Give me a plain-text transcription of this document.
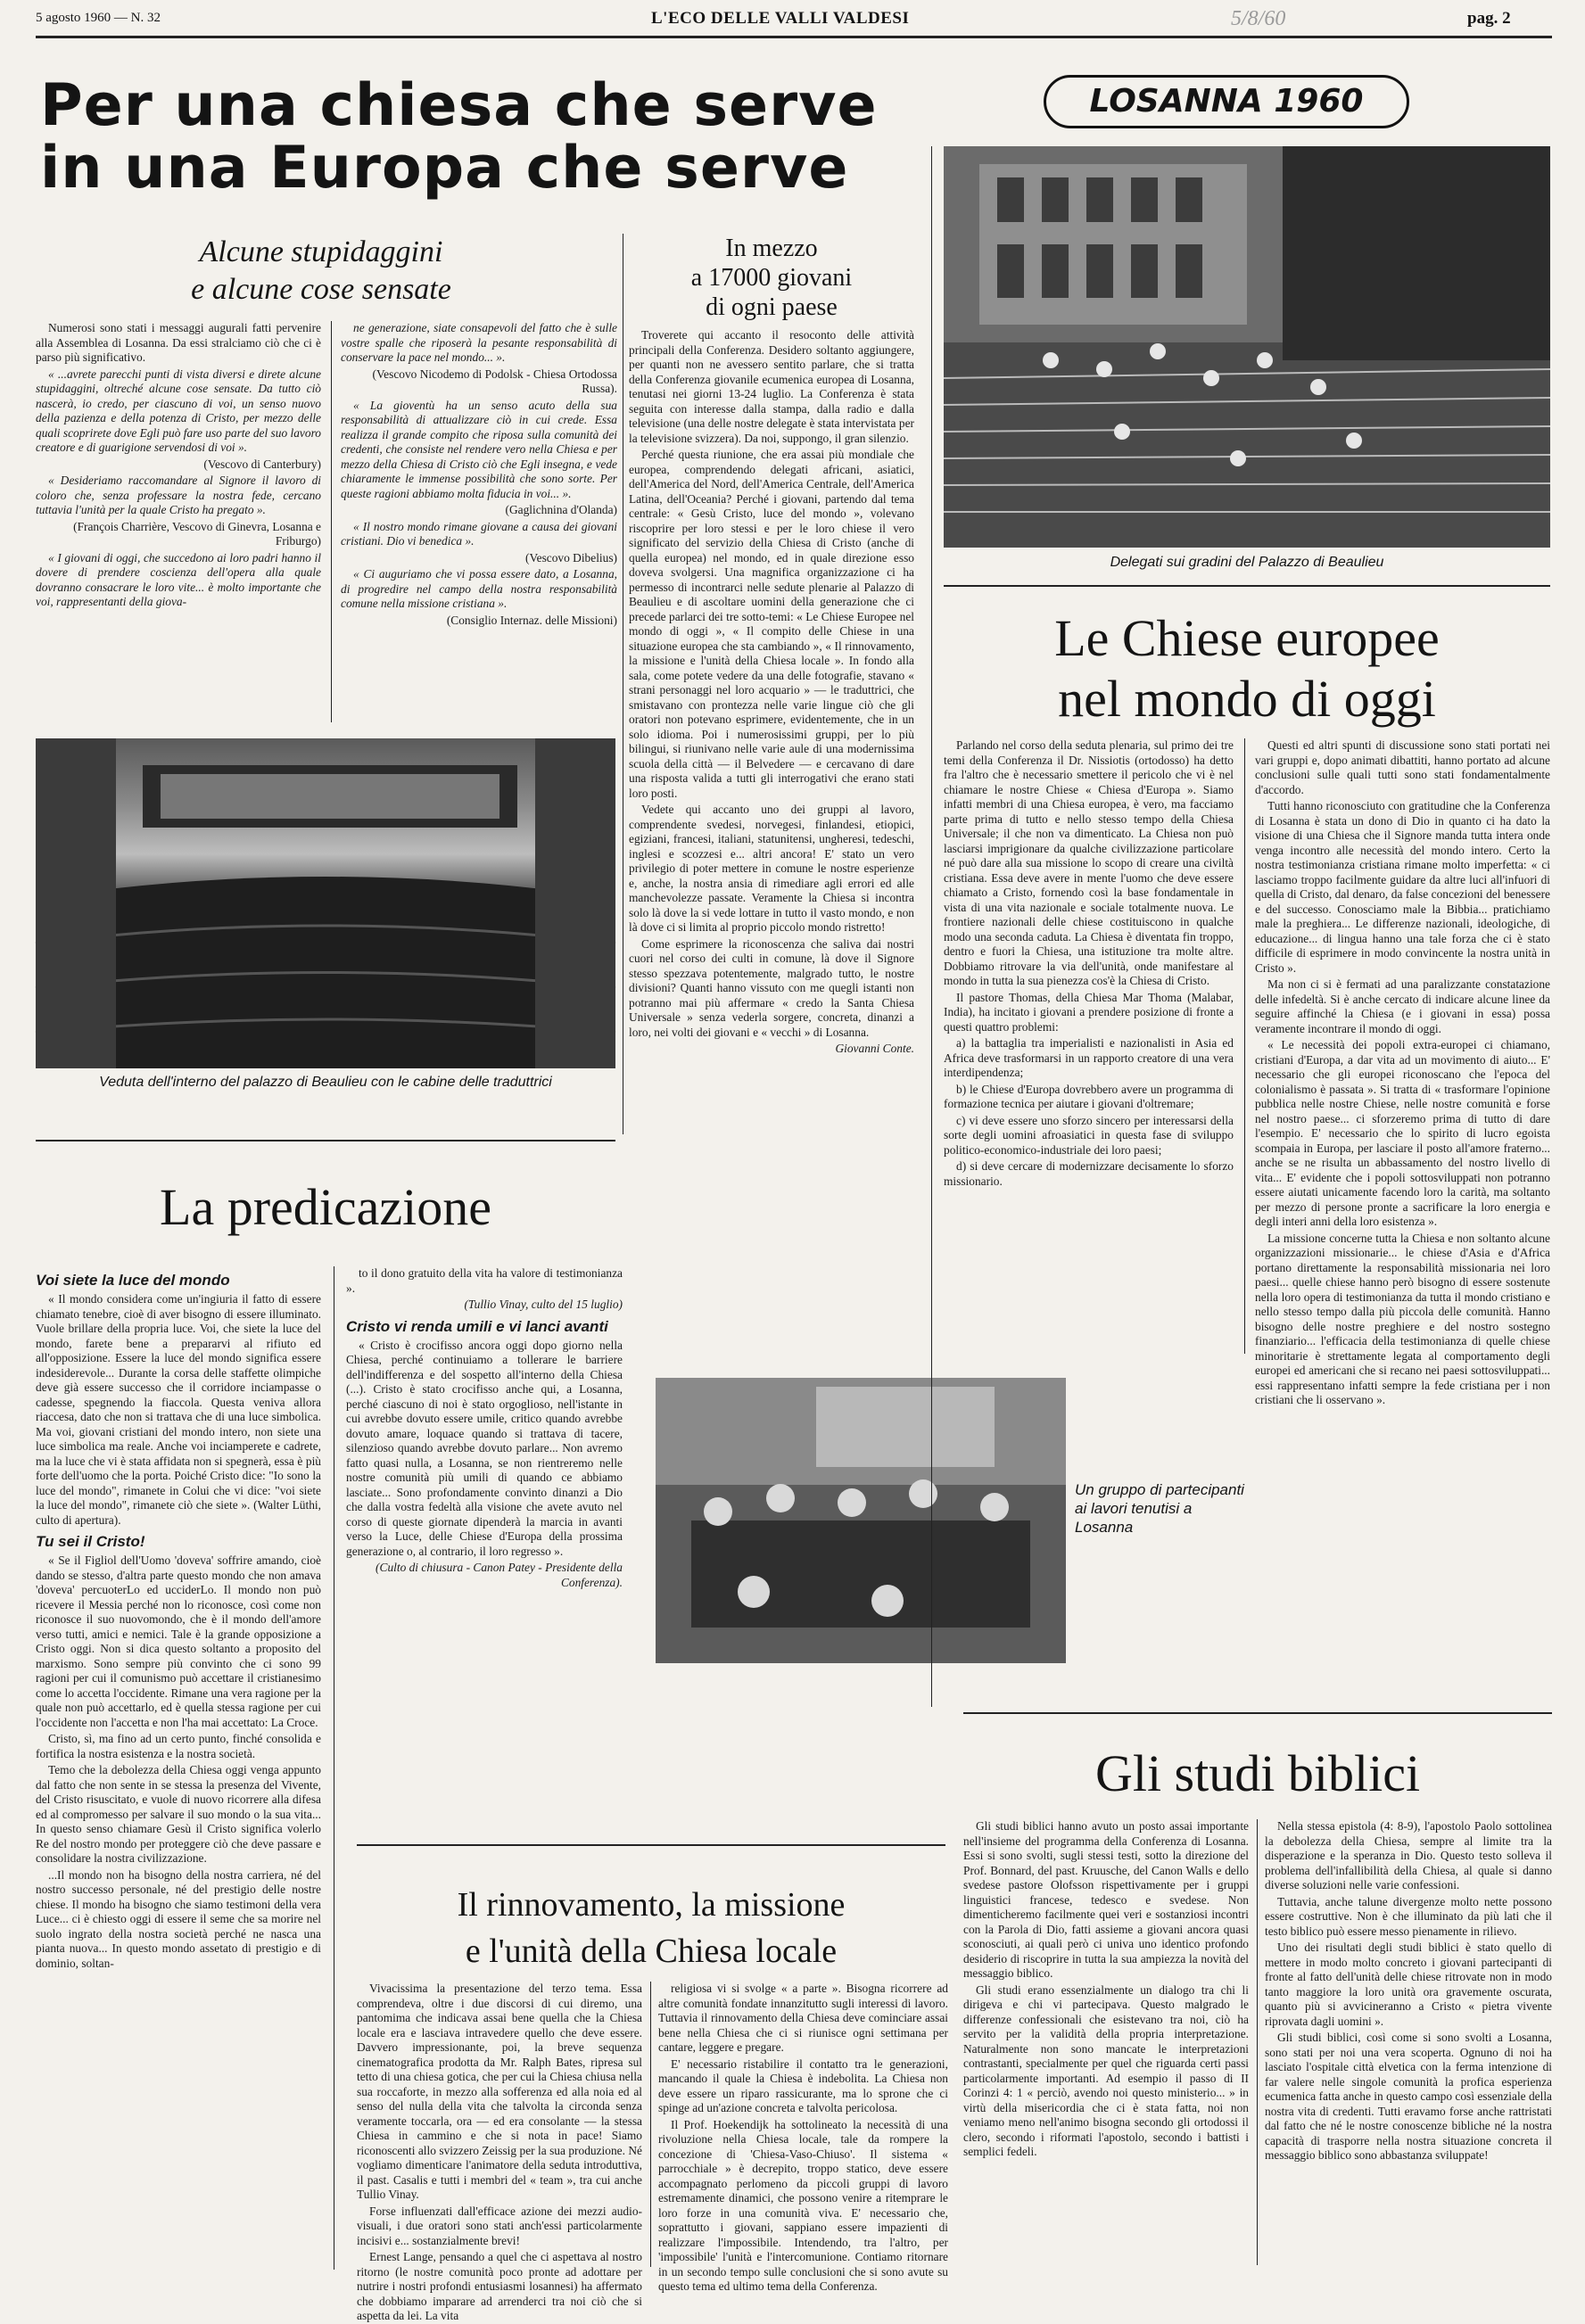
5 agosto 1960 — N. 32	L'ECO DELLE VALLI VALDESI	5/8/60	pag. 2
Per una chiesa che serve
in una Europa che serve
LOSANNA 1960
Alcune stupidaggini
e alcune cose sensate

Numerosi sono stati i messaggi augurali fatti pervenire alla Assemblea di Losanna. Da essi stralciamo ciò che ci è parso più significativo.

« ...avrete parecchi punti di vista diversi e direte alcune stupidaggini, oltreché alcune cose sensate. Da tutto ciò nascerà, io credo, per ciascuno di voi, un senso nuovo della pazienza e della potenza di Cristo, per mezzo delle quali scoprirete dove Egli può fare uso parte del suo lavoro creatore e di guarigione servendosi di voi ».

(Vescovo di Canterbury)

« Desideriamo raccomandare al Signore il lavoro di coloro che, senza professare la nostra fede, cercano tuttavia l'unità per la quale Cristo ha pregato ».

(François Charrière, Vescovo di Ginevra, Losanna e Friburgo)

« I giovani di oggi, che succedono ai loro padri hanno il dovere di prendere coscienza dell'opera alla quale dovranno consacrare le loro vite... è molto importante che voi, rappresentanti della giova-

ne generazione, siate consapevoli del fatto che è sulle vostre spalle che riposerà la pesante responsabilità di conservare la pace nel mondo... ».

(Vescovo Nicodemo di Podolsk - Chiesa Ortodossa Russa).

« La gioventù ha un senso acuto della sua responsabilità di attualizzare ciò in cui crede. Essa realizza il grande compito che riposa sulla comunità dei credenti, che consiste nel rendere vero nella Chiesa e per mezzo della Chiesa di Cristo ciò che Egli insegna, e vede chiaramente le immense possibilità che sono sorte. Per queste ragioni abbiamo molta fiducia in voi... ».

(Gaglichnina d'Olanda)

« Il nostro mondo rimane giovane a causa dei giovani cristiani. Dio vi benedica ».

(Vescovo Dibelius)

« Ci auguriamo che vi possa essere dato, a Losanna, di progredire nel campo della nostra responsabilità comune nella missione cristiana ».

(Consiglio Internaz. delle Missioni)

Veduta dell'interno del palazzo di Beaulieu con le cabine delle traduttrici
In mezzo
a 17000 giovani
di ogni paese

Troverete qui accanto il resoconto delle attività principali della Conferenza. Desidero soltanto aggiungere, per quanti non ne avessero sentito parlare, che si tratta della Conferenza giovanile ecumenica europea di Losanna, tenutasi nei giorni 13-24 luglio. La Conferenza è stata seguita con interesse dalla stampa, dalla radio e dalla televisione (una delle nostre delegate è stata intervistata per la televisione svizzera). Da noi, suppongo, il gran silenzio.

Perché questa riunione, che era assai più mondiale che europea, comprendendo delegati africani, asiatici, dell'America del Nord, dell'America Centrale, dell'America Latina, dell'Oceania? Perché i giovani, partendo dal tema centrale: « Gesù Cristo, luce del mondo », volevano riscoprire per loro stessi e per le loro chiese il vero significato del servizio della Chiesa di Cristo (anche di quella europea) nel mondo, ed in quale direzione esso doveva svolgersi. Una magnifica organizzazione ci ha permesso di incontrarci nelle sedute plenarie al Palazzo di Beaulieu e di ascoltare uomini della generazione che ci precede parlarci dei tre sotto-temi: « Le Chiese Europee nel mondo di oggi », « Il compito delle Chiese in una situazione europea che sta cambiando », « Il rinnovamento, la missione e l'unità della Chiesa locale ». In fondo alla sala, come potete vedere da una delle fotografie, stavano « strani personaggi nel loro acquario » — le traduttrici, che smistavano con prontezza nelle varie lingue ciò che gli oratori non potevano esprimere, evidentemente, che in un solo idioma. Poi i numerosissimi gruppi, per lo più bilingui, si riunivano nelle varie aule di una modernissima scuola della città — il Belvedere — e cercavano di dare una risposta valida a tutti gli interrogativi che erano stati loro posti.

Vedete qui accanto uno dei gruppi al lavoro, comprendente svedesi, norvegesi, finlandesi, etiopici, egiziani, francesi, italiani, statunitensi, ungheresi, tedeschi, inglesi e scozzesi e... altri ancora! E' stato un vero privilegio di poter mettere in comune le nostre esperienze e, anche, la nostra ansia di rimediare agli errori ed alle manchevolezze passate. Veramente la Chiesa si incontra solo là dove la si vede lottare in tutto il vasto mondo, e non là dove ci si limita al proprio piccolo mondo ristretto!

Come esprimere la riconoscenza che saliva dai nostri cuori nel corso dei culti in comune, là dove il Signore stesso spezzava potentemente, malgrado tutto, le nostre divisioni? Quanti hanno vissuto con me quegli istanti non potranno mai più affermare « credo la Santa Chiesa Universale » senza vederla sorgere, concreta, dinanzi a loro, nei volti dei giovani e « vecchi » di Losanna.

Giovanni Conte.

Delegati sui gradini del Palazzo di Beaulieu
Le Chiese europee
nel mondo di oggi

Parlando nel corso della seduta plenaria, sul primo dei tre temi della Conferenza il Dr. Nissiotis (ortodosso) ha detto fra l'altro che è necessario smettere il pericolo che vi è nel chiamare le nostre Chiese « Chiesa d'Europa ». Siamo infatti membri di una Chiesa europea, è vero, ma facciamo parte prima di tutto e nello stesso tempo della Chiesa Universale; il che non va dimenticato. La Chiesa non può lasciarsi imprigionare da qualche civilizzazione particolare né può dare alla sua missione lo scopo di creare una civiltà cristiana. Essa deve avere in mente l'uomo che deve essere chiamato a Cristo, fornendo così la base fondamentale in vista di una vita nazionale e sociale totalmente nuova. Le frontiere nazionali delle chiese costituiscono in qualche modo una seconda caduta. La Chiesa è diventata fin troppo, dentro e fuori la Chiesa, una istituzione tra molte altre. Dobbiamo ritrovare la via dell'unità, onde manifestare al mondo in tutta la sua pienezza cos'è la Chiesa di Cristo.

Il pastore Thomas, della Chiesa Mar Thoma (Malabar, India), ha incitato i giovani a prendere posizione di fronte a questi quattro problemi:

a) la battaglia tra imperialisti e nazionalisti in Asia ed Africa deve trasformarsi in un rapporto creatore di una vera interdipendenza;

b) le Chiese d'Europa dovrebbero avere un programma di formazione tecnica per aiutare i giovani d'oltremare;

c) vi deve essere uno sforzo sincero per interessarsi della sorte degli uomini afroasiatici in questa fase di sviluppo politico-economico-industriale dei loro paesi;

d) si deve cercare di modernizzare decisamente lo sforzo missionario.

Questi ed altri spunti di discussione sono stati portati nei vari gruppi e, dopo animati dibattiti, hanno portato ad alcune conclusioni sulle quali tutti sono stati fondamentalmente d'accordo.

Tutti hanno riconosciuto con gratitudine che la Conferenza di Losanna è stata un dono di Dio in quanto ci ha dato la visione di una Chiesa che il Signore manda tutta intera onde venga incontro alle necessità del mondo intero. Certo la nostra testimonianza cristiana rimane molto imperfetta: « ci lasciamo troppo facilmente guidare da altre luci all'infuori di quella di Cristo, dal denaro, da false concezioni del benessere e del successo. Conosciamo male la Bibbia... pratichiamo male la preghiera... Le differenze nazionali, ideologiche, di educazione... di lingua hanno una tale forza che ci è stato difficile di esprimere in modo convincente la nostra unità in Cristo ».

Ma non ci si è fermati ad una paralizzante constatazione delle infedeltà. Si è anche cercato di indicare alcune linee da seguire affinché la Chiesa (e i giovani in essa) possa veramente incontrare il mondo di oggi.

« Le necessità dei popoli extra-europei ci chiamano, cristiani d'Europa, a dar vita ad un movimento di aiuto... E' necessario che gli europei riconoscano che l'epoca del colonialismo è passata ». Si tratta di « trasformare l'opinione pubblica nelle nostre Chiese, nelle nostre comunità e forse nel nostro paese... ci sforzeremo prima di tutto di dare l'esempio. E' necessario che lo spirito di lucro egoista scompaia in Europa, per lasciare il posto all'amore fraterno... anche se ne risulta un abbassamento del nostro livello di vita... E' evidente che i popoli sottosviluppati non potranno essere aiutati unicamente facendo loro la carità, ma soltanto per mezzo di persone pronte a sacrificare la loro energia e degli interi anni della loro esistenza ».

La missione concerne tutta la Chiesa e non soltanto alcune organizzazioni missionarie... le chiese d'Asia e d'Africa portano direttamente la responsabilità missionaria nei loro paesi... quelle chiese hanno però bisogno di essere sostenute nella loro opera di testimonianza da tutta il mondo cristiano e nello stesso tempo dalla più piccola delle comunità. Hanno bisogno delle nostre preghiere e del nostro sostegno finanziario... l'efficacia della testimonianza di quelle chiese minoritarie è strettamente legata al comportamento degli europei ed americani che si recano nei paesi sottosviluppati... essi rappresentano infatti sempre la fede cristiana per i non cristiani che li osservano ».

Un gruppo di partecipanti ai lavori tenutisi a Losanna
La predicazione
Voi siete la luce del mondo

« Il mondo considera come un'ingiuria il fatto di essere chiamato tenebre, cioè di aver bisogno di essere illuminato. Vuole brillare della propria luce. Voi, che siete la luce del mondo, farete bene a prepararvi al rifiuto ed all'opposizione. Essere la luce del mondo significa essere indesiderevole... Durante la corsa delle staffette olimpiche deve già essere successo che il corridore inciampasse o cadesse, spegnendo la fiaccola. Questa veniva allora riaccesa, dato che non si trattava che di una luce simbolica. Ma voi, giovani cristiani del mondo intero, non siete una luce simbolica ma reale. Anche voi inciamperete e cadrete, ma la luce che vi è stata affidata non si spegnerà, essa è più forte dell'uomo che la porta. Poiché Cristo dice: "Io sono la luce del mondo", rimanete in Colui che vi dice: "voi siete la luce del mondo", rimanete ciò che siete ». (Walter Lüthi, culto di apertura).

Tu sei il Cristo!

« Se il Figliol dell'Uomo 'doveva' soffrire amando, cioè dando se stesso, d'altra parte questo mondo che non amava 'doveva' percuoterLo ed ucciderLo. Il mondo non può ricevere il Messia perché non lo riconosce, così come non riconosce il suo nuovomondo, che è il mondo dell'amore verso tutti, amici e nemici. Tale è la grande opposizione a Cristo oggi. Non si dica questo soltanto a proposito del marxismo. Sono sempre più convinto che ci sono 99 ragioni per cui il comunismo può accettare il cristianesimo come lo accetta l'occidente. Rimane una vera ragione per la quale non può accettarlo, ed è quella stessa ragione per cui l'occidente non l'accetta e non l'ha mai accettato: La Croce.

Cristo, sì, ma fino ad un certo punto, finché consolida e fortifica la nostra esistenza e la nostra società.

Temo che la debolezza della Chiesa oggi venga appunto dal fatto che non sente in se stessa la presenza del Vivente, del Cristo risuscitato, e vuole di nuovo ricorrere alla difesa ed al compromesso per salvare il suo mondo o la sua vita... In questo senso chiamare Gesù il Cristo significa volerlo Re del nostro mondo per proteggere ciò che deve passare e consolidare la nostra civilizzazione.

...Il mondo non ha bisogno della nostra carriera, né del nostro successo personale, né del prestigio delle nostre chiese. Il mondo ha bisogno che siamo testimoni della vera Luce... ci è chiesto oggi di essere il seme che sa morire nel suolo ingrato della nostra società perché ne nasca una pianta nuova... In questo mondo assetato di prestigio e di dominio, soltan-

to il dono gratuito della vita ha valore di testimonianza ».

(Tullio Vinay, culto del 15 luglio)

Cristo vi renda umili e vi lanci avanti

« Cristo è crocifisso ancora oggi dopo giorno nella Chiesa, perché continuiamo a tollerare le barriere dell'indifferenza e del sospetto all'interno della Chiesa (...). Cristo è stato crocifisso anche qui, a Losanna, perché ciascuno di noi è stato orgoglioso, nell'istante in cui avrebbe dovuto essere umile, critico quando avrebbe dovuto amare, loquace quando si trattava di tacere, silenzioso quando avrebbe dovuto parlare... Non avremo fatto quasi nulla, a Losanna, se non rientreremo nelle nostre comunità più umili di quando ce abbiamo lasciate... Sono profondamente convinto dinanzi a Dio che dalla vostra fedeltà alla visione che avete avuto nel corso di queste giornate dipenderà la marcia in avanti verso la Luce, delle Chiese d'Europa della prossima generazione o, al contrario, il loro regresso ».

(Culto di chiusura - Canon Patey - Presidente della Conferenza).

Il rinnovamento, la missione
e l'unità della Chiesa locale

Vivacissima la presentazione del terzo tema. Essa comprendeva, oltre i due discorsi di cui diremo, una pantomima che indicava assai bene quella che la Chiesa locale era e lasciava intravedere quello che deve essere. Davvero impressionante, poi, la breve sequenza cinematografica prodotta da Mr. Ralph Bates, ripresa sul tetto di una chiesa gotica, che per cui la Chiesa chiusa nella sua roccaforte, in mezzo alla sofferenza ed alla noia ed al senso del nulla della vita che talvolta la circonda senza veramente toccarla, ora — ed era consolante — la stessa Chiesa in cammino e che si nota in pace! Siamo riconoscenti allo svizzero Zeissig per la sua produzione. Né vogliamo dimenticare l'animatore della seduta introduttiva, il past. Casalis e tutti i membri del « team », tra cui anche Tullio Vinay.

Forse influenzati dall'efficace azione dei mezzi audio-visuali, i due oratori sono stati anch'essi particolarmente incisivi e... sostanzialmente brevi!

Ernest Lange, pensando a quel che ci aspettava al nostro ritorno (le nostre comunità poco pronte ad adottare per nutrire i nostri profondi entusiasmi losannesi) ha affermato che dobbiamo imparare ad arrenderci tra noi ciò che si aspetta da lei. La vita

religiosa vi si svolge « a parte ». Bisogna ricorrere ad altre comunità fondate innanzitutto sugli interessi di lavoro. Tuttavia il rinnovamento della Chiesa deve cominciare assai bene nella Chiesa che ci si riunisce ogni settimana per cantare, leggere e pregare.

E' necessario ristabilire il contatto tra le generazioni, mancando il quale la Chiesa è indebolita. La Chiesa non deve essere un riparo rassicurante, ma lo sprone che ci spinge ad un'azione concreta e talvolta pericolosa.

Il Prof. Hoekendijk ha sottolineato la necessità di una rivoluzione nella Chiesa locale, tale da rompere la concezione di 'Chiesa-Vaso-Chiuso'. Il sistema « parrocchiale » è decrepito, troppo statico, deve essere accompagnato perlomeno da piccoli gruppi di lavoro estremamente dinamici, che possono venire a ritemprare le loro forze in una comunità viva. E' necessario che, soprattutto i giovani, sappiano essere impazienti di realizzare l'impossibile. Intendendo, tra l'altro, per 'impossibile' l'unità e l'intercomunione. Contiamo ritornare in un secondo tempo sulle conclusioni che si sono avute su questo tema ed ultimo tema della Conferenza.

Gli studi biblici

Gli studi biblici hanno avuto un posto assai importante nell'insieme del programma della Conferenza di Losanna. Essi si sono svolti, sugli stessi testi, sotto la direzione del Prof. Bonnard, del past. Kruusche, del Canon Walls e dello svedese pastore Olofsson rispettivamente per i gruppi linguistici francese, tedesco e svedese. Non dimenticheremo facilmente quei veri e sostanziosi incontri con la Parola di Dio, fatti assieme a giovani ancora quasi sconosciuti, ai quali però ci univa uno identico profondo desiderio di riscoprire in tutta la sua ampiezza la novità del messaggio biblico.

Gli studi erano essenzialmente un dialogo tra chi li dirigeva e chi vi partecipava. Questo malgrado le differenze confessionali che esistevano tra noi, ciò ha servito per la validità della propria interpretazione. Naturalmente non sono mancate le interpretazioni contrastanti, specialmente per quel che riguarda certi passi particolarmente importanti. Ad esempio il passo di II Corinzi 4: 1 « perciò, avendo noi questo ministerio... » in virtù della misericordia che ci è stata fatta, noi non veniamo meno nell'animo bisogna secondo gli ortodossi il clero, secondo i riformati l'apostolo, secondo i battisti i semplici fedeli.

Nella stessa epistola (4: 8-9), l'apostolo Paolo sottolinea la debolezza della Chiesa, sempre al limite tra la disperazione e la speranza in Dio. Questo testo solleva il problema dell'infallibilità della Chiesa, al quale si danno diverse soluzioni nelle varie confessioni.

Tuttavia, anche talune divergenze molto nette possono essere costruttive. Non è che illuminato da più lati che il testo biblico può essere messo pienamente in rilievo.

Uno dei risultati degli studi biblici è stato quello di mettere in modo molto concreto i giovani partecipanti di fronte al fatto dell'unità delle chiese ritrovate non in modo tanto maggiore la loro unità ora gravemente oscurata, quanto più si avvicineranno a Cristo « pietra vivente riprovata dagli uomini ».

Gli studi biblici, così come si sono svolti a Losanna, sono stati per noi una vera scoperta. Ognuno di noi ha lasciato l'ospitale città elvetica con la ferma intenzione di far valere nelle singole comunità la profica esperienza ecumenica fatta anche in questo campo così essenziale della nostra vita di credenti. Tutti eravamo forse anche rattristati dal fatto che né le nostre conoscenze bibliche né la nostra capacità di trasporre nella nostra situazione concreta il messaggio biblico sono abbastanza sviluppate!
